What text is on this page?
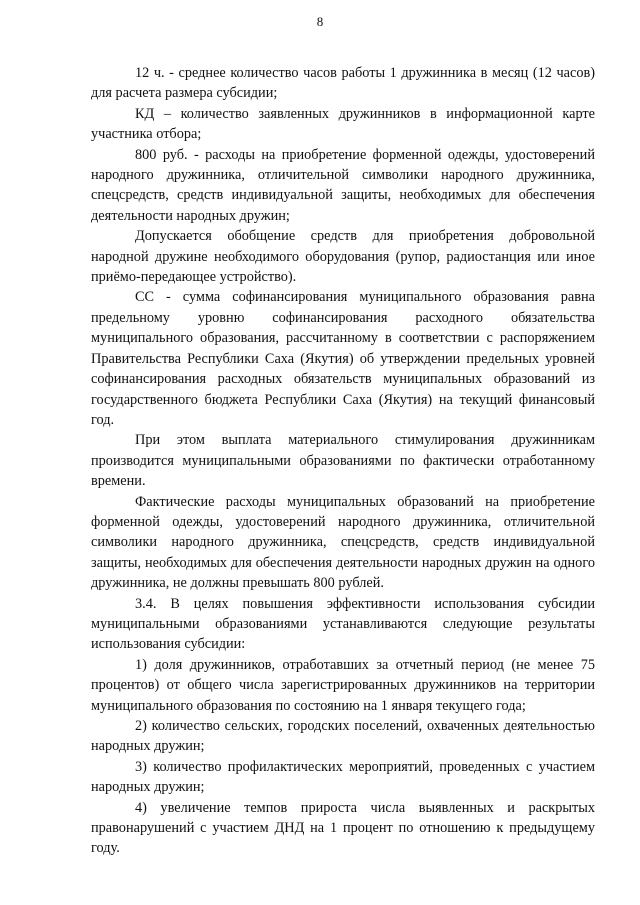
8

12 ч. - среднее количество часов работы 1 дружинника в месяц (12 часов) для расчета размера субсидии;

КД – количество заявленных дружинников в информационной карте участника отбора;

800 руб. - расходы на приобретение форменной одежды, удостоверений народного дружинника, отличительной символики народного дружинника, спецсредств, средств индивидуальной защиты, необходимых для обеспечения деятельности народных дружин;

Допускается обобщение средств для приобретения добровольной народной дружине необходимого оборудования (рупор, радиостанция или иное приёмо-передающее устройство).

СС - сумма софинансирования муниципального образования равна предельному уровню софинансирования расходного обязательства муниципального образования, рассчитанному в соответствии с распоряжением Правительства Республики Саха (Якутия) об утверждении предельных уровней софинансирования расходных обязательств муниципальных образований из государственного бюджета Республики Саха (Якутия) на текущий финансовый год.

При этом выплата материального стимулирования дружинникам производится муниципальными образованиями по фактически отработанному времени.

Фактические расходы муниципальных образований на приобретение форменной одежды, удостоверений народного дружинника, отличительной символики народного дружинника, спецсредств, средств индивидуальной защиты, необходимых для обеспечения деятельности народных дружин на одного дружинника, не должны превышать 800 рублей.

3.4. В целях повышения эффективности использования субсидии муниципальными образованиями устанавливаются следующие результаты использования субсидии:

1) доля дружинников, отработавших за отчетный период (не менее 75 процентов) от общего числа зарегистрированных дружинников на территории муниципального образования по состоянию на 1 января текущего года;

2) количество сельских, городских поселений, охваченных деятельностью народных дружин;

3) количество профилактических мероприятий, проведенных с участием народных дружин;

4) увеличение темпов прироста числа выявленных и раскрытых правонарушений с участием ДНД на 1 процент по отношению к предыдущему году.
